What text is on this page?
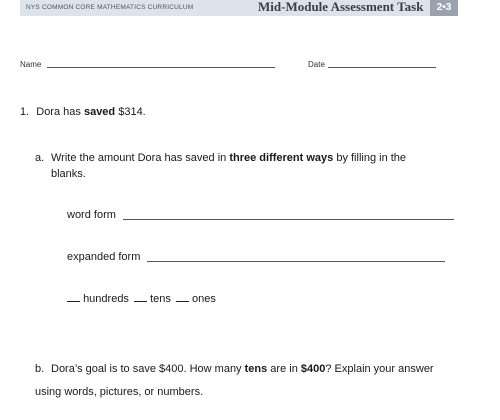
NYS COMMON CORE MATHEMATICS CURRICULUM	Mid-Module Assessment Task	2•3
Name	Date
1. Dora has saved $314.
a. Write the amount Dora has saved in three different ways by filling in the
blanks.
word form
expanded form
hundreds tens ones
b. Dora’s goal is to save $400. How many tens are in $400? Explain your answer
using words, pictures, or numbers.
